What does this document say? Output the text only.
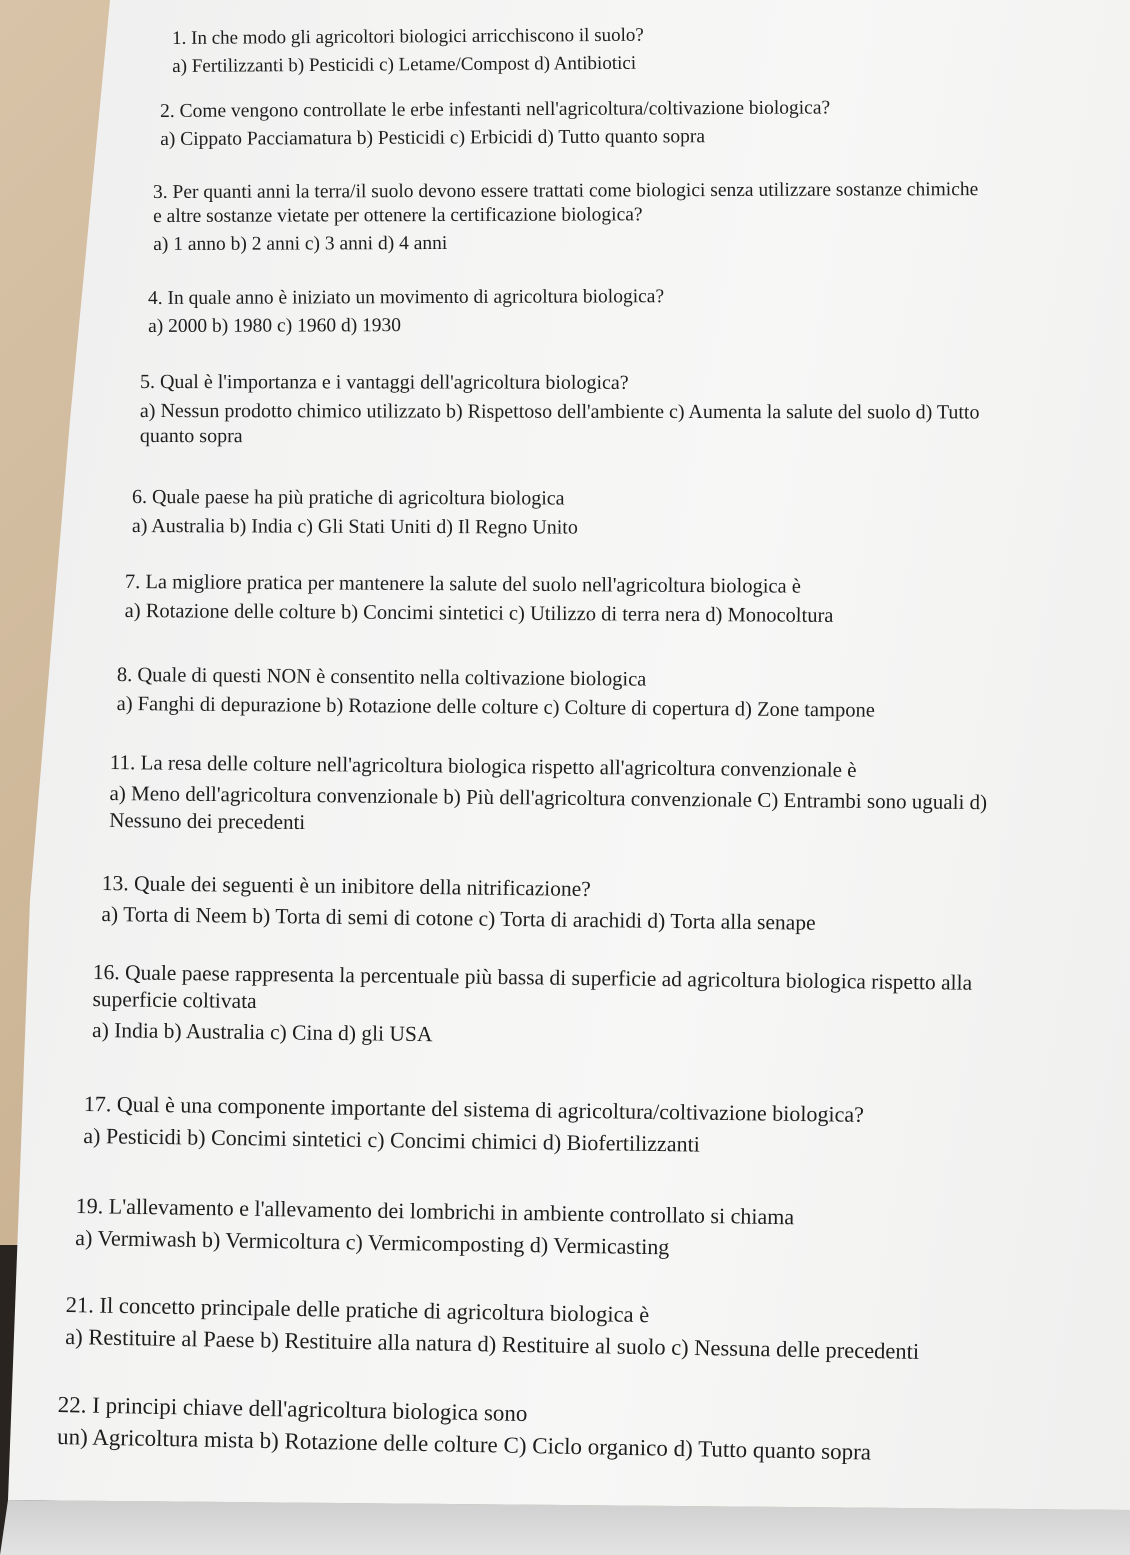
1. In che modo gli agricoltori biologici arricchiscono il suolo?
a) Fertilizzanti b) Pesticidi c) Letame/Compost d) Antibiotici
2. Come vengono controllate le erbe infestanti nell'agricoltura/coltivazione biologica?
a) Cippato Pacciamatura b) Pesticidi c) Erbicidi d) Tutto quanto sopra
3. Per quanti anni la terra/il suolo devono essere trattati come biologici senza utilizzare sostanze chimiche
e altre sostanze vietate per ottenere la certificazione biologica?
a) 1 anno b) 2 anni c) 3 anni d) 4 anni
4. In quale anno è iniziato un movimento di agricoltura biologica?
a) 2000 b) 1980 c) 1960 d) 1930
5. Qual è l'importanza e i vantaggi dell'agricoltura biologica?
a) Nessun prodotto chimico utilizzato b) Rispettoso dell'ambiente c) Aumenta la salute del suolo d) Tutto
quanto sopra
6. Quale paese ha più pratiche di agricoltura biologica
a) Australia b) India c) Gli Stati Uniti d) Il Regno Unito
7. La migliore pratica per mantenere la salute del suolo nell'agricoltura biologica è
a) Rotazione delle colture b) Concimi sintetici c) Utilizzo di terra nera d) Monocoltura
8. Quale di questi NON è consentito nella coltivazione biologica
a) Fanghi di depurazione b) Rotazione delle colture c) Colture di copertura d) Zone tampone
11. La resa delle colture nell'agricoltura biologica rispetto all'agricoltura convenzionale è
a) Meno dell'agricoltura convenzionale b) Più dell'agricoltura convenzionale C) Entrambi sono uguali d)
Nessuno dei precedenti
13. Quale dei seguenti è un inibitore della nitrificazione?
a) Torta di Neem b) Torta di semi di cotone c) Torta di arachidi d) Torta alla senape
16. Quale paese rappresenta la percentuale più bassa di superficie ad agricoltura biologica rispetto alla
superficie coltivata
a) India b) Australia c) Cina d) gli USA
17. Qual è una componente importante del sistema di agricoltura/coltivazione biologica?
a) Pesticidi b) Concimi sintetici c) Concimi chimici d) Biofertilizzanti
19. L'allevamento e l'allevamento dei lombrichi in ambiente controllato si chiama
a) Vermiwash b) Vermicoltura c) Vermicomposting d) Vermicasting
21. Il concetto principale delle pratiche di agricoltura biologica è
a) Restituire al Paese b) Restituire alla natura d) Restituire al suolo c) Nessuna delle precedenti
22. I principi chiave dell'agricoltura biologica sono
un) Agricoltura mista b) Rotazione delle colture C) Ciclo organico d) Tutto quanto sopra
